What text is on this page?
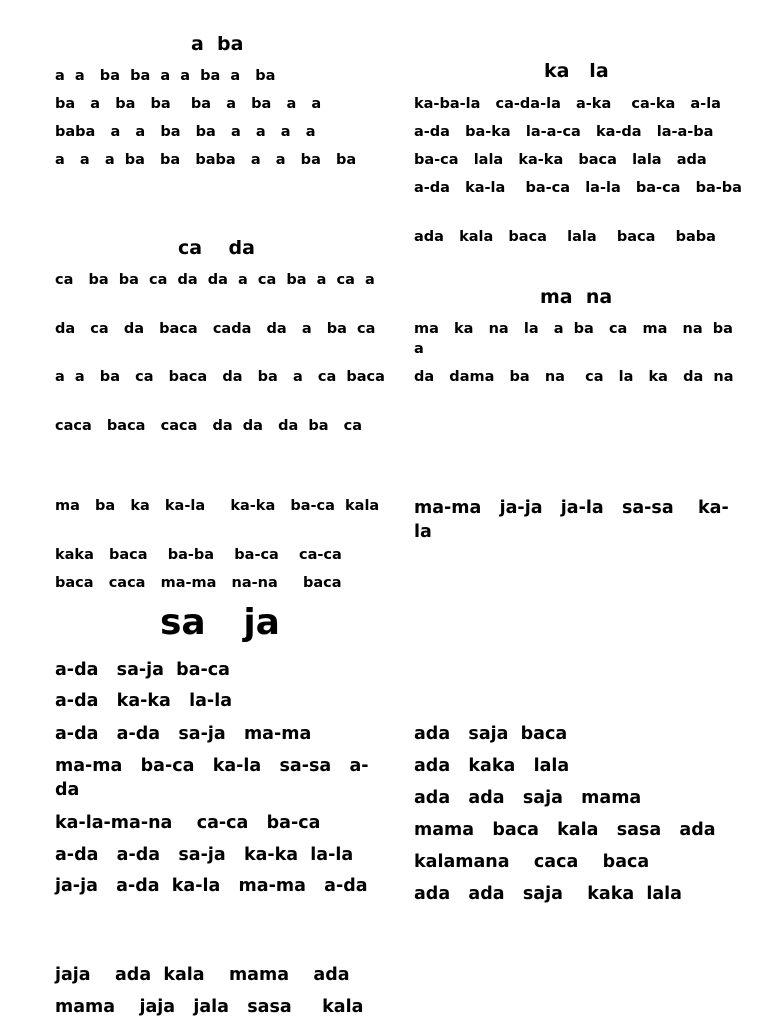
a  ba
a  a   ba  ba  a  a  ba  a   ba
ba   a   ba   ba    ba   a   ba   a   a
baba   a   a   ba   ba   a   a   a   a
a   a   a  ba   ba   baba   a   a   ba   ba
ka   la
ka-ba-la   ca-da-la   a-ka    ca-ka   a-la
a-da   ba-ka   la-a-ca   ka-da   la-a-ba
ba-ca   lala   ka-ka   baca   lala   ada
a-da   ka-la    ba-ca   la-la   ba-ca   ba-ba
ada   kala   baca    lala    baca    baba
ca    da
ca   ba  ba  ca  da  da  a  ca  ba  a  ca  a
da   ca   da   baca   cada   da   a   ba  ca
a  a   ba   ca   baca   da   ba   a   ca  baca
caca   baca   caca   da  da   da  ba   ca
ma  na
ma   ka   na   la   a  ba   ca   ma   na  ba   a
da   dama   ba   na    ca   la   ka   da  na
ma   ba   ka   ka-la     ka-ka   ba-ca  kala
kaka   baca    ba-ba    ba-ca    ca-ca
baca   caca   ma-ma   na-na     baca
ma-ma   ja-ja   ja-la   sa-sa    ka-la
sa   ja
a-da   sa-ja  ba-ca
a-da   ka-ka   la-la
a-da   a-da   sa-ja   ma-ma
ma-ma   ba-ca   ka-la   sa-sa   a-da
ka-la-ma-na    ca-ca   ba-ca
a-da   a-da   sa-ja   ka-ka  la-la
ja-ja   a-da  ka-la   ma-ma   a-da
ada   saja  baca
ada   kaka   lala
ada   ada   saja   mama
mama   baca   kala   sasa   ada
kalamana    caca    baca
ada   ada   saja    kaka  lala
jaja    ada  kala    mama    ada
mama    jaja   jala   sasa     kala
